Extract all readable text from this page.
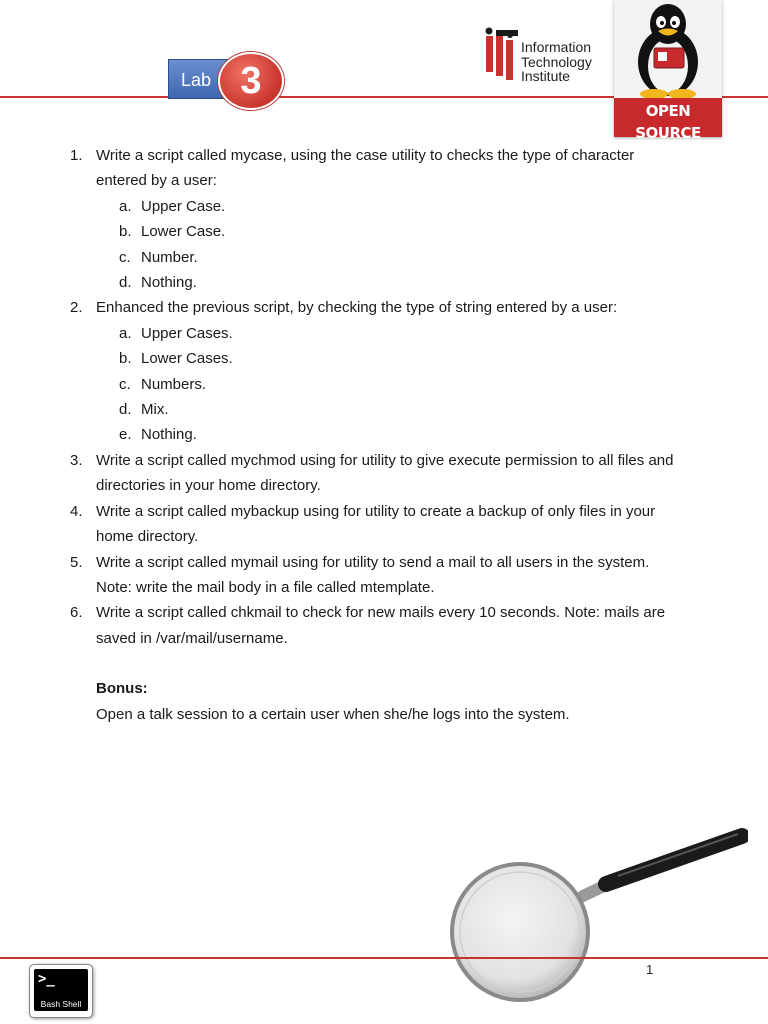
Lab 3
Information
Technology
Institute
OPEN SOURCE
DEPARTMENT
1. Write a script called mycase, using the case utility to checks the type of character
entered by a user:
a. Upper Case.
b. Lower Case.
c. Number.
d. Nothing.
2. Enhanced the previous script, by checking the type of string entered by a user:
a. Upper Cases.
b. Lower Cases.
c. Numbers.
d. Mix.
e. Nothing.
3. Write a script called mychmod using for utility to give execute permission to all files and
directories in your home directory.
4. Write a script called mybackup using for utility to create a backup of only files in your
home directory.
5. Write a script called mymail using for utility to send a mail to all users in the system.
Note: write the mail body in a file called mtemplate.
6. Write a script called chkmail to check for new mails every 10 seconds. Note: mails are
saved in /var/mail/username.
Bonus:
Open a talk session to a certain user when she/he logs into the system.
>_
Bash Shell
1
